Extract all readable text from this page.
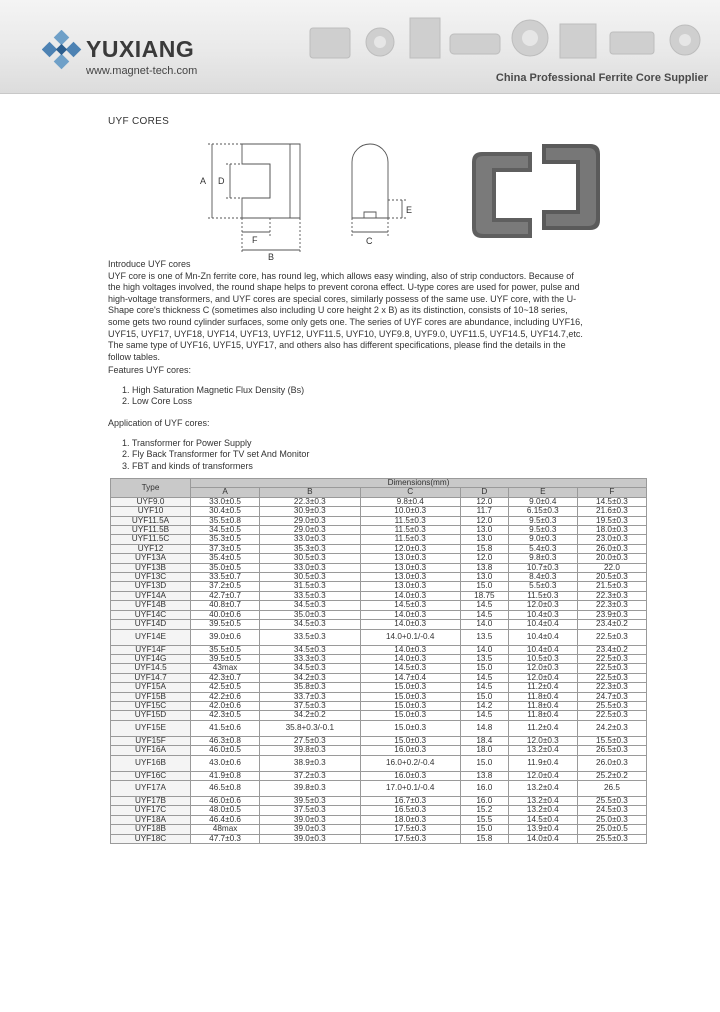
YUXIANG
www.magnet-tech.com
China Professional Ferrite Core Supplier
UYF CORES
A D
F
B
C
E
Introduce UYF cores
UYF core is one of Mn-Zn ferrite core, has round leg, which allows easy winding, also of strip conductors. Because of the high voltages involved, the round shape helps to prevent corona effect. U-type cores are used for power, pulse and high-voltage transformers, and UYF cores are special cores, similarly possess of the same use. UYF core, with the U-Shape core's thickness C (sometimes also including U core height 2 x B) as its distinction, consists of 10~18 series, some gets two round cylinder surfaces, some only gets one. The series of UYF cores are abundance, including UYF16, UYF15, UYF17, UYF18, UYF14, UYF13, UYF12, UYF11.5, UYF10, UYF9.8, UYF9.0, UYF11.5, UYF14.5, UYF14.7,etc. The same type of UYF16, UYF15, UYF17, and others also has different specifications, please find the details in the follow tables.
Features UYF cores:
1. High Saturation Magnetic Flux Density (Bs)
2. Low Core Loss
Application of UYF cores:
1. Transformer for Power Supply
2. Fly Back Transformer for TV set And Monitor
3. FBT and kinds of transformers
Type	Dimensions(mm)					
	A	B	C	D	E	F
UYF9.0	33.0±0.5	22.3±0.3	9.8±0.4	12.0	9.0±0.4	14.5±0.3
UYF10	30.4±0.5	30.9±0.3	10.0±0.3	11.7	6.15±0.3	21.6±0.3
UYF11.5A	35.5±0.8	29.0±0.3	11.5±0.3	12.0	9.5±0.3	19.5±0.3
UYF11.5B	34.5±0.5	29.0±0.3	11.5±0.3	13.0	9.5±0.3	18.0±0.3
UYF11.5C	35.3±0.5	33.0±0.3	11.5±0.3	13.0	9.0±0.3	23.0±0.3
UYF12	37.3±0.5	35.3±0.3	12.0±0.3	15.8	5.4±0.3	26.0±0.3
UYF13A	35.4±0.5	30.5±0.3	13.0±0.3	12.0	9.8±0.3	20.0±0.3
UYF13B	35.0±0.5	33.0±0.3	13.0±0.3	13.8	10.7±0.3	22.0
UYF13C	33.5±0.7	30.5±0.3	13.0±0.3	13.0	8.4±0.3	20.5±0.3
UYF13D	37.2±0.5	31.5±0.3	13.0±0.3	15.0	5.5±0.3	21.5±0.3
UYF14A	42.7±0.7	33.5±0.3	14.0±0.3	18.75	11.5±0.3	22.3±0.3
UYF14B	40.8±0.7	34.5±0.3	14.5±0.3	14.5	12.0±0.3	22.3±0.3
UYF14C	40.0±0.6	35.0±0.3	14.0±0.3	14.5	10.4±0.3	23.9±0.3
UYF14D	39.5±0.5	34.5±0.3	14.0±0.3	14.0	10.4±0.4	23.4±0.2
UYF14E	39.0±0.6	33.5±0.3	14.0+0.1/-0.4	13.5	10.4±0.4	22.5±0.3
UYF14F	35.5±0.5	34.5±0.3	14.0±0.3	14.0	10.4±0.4	23.4±0.2
UYF14G	39.5±0.5	33.3±0.3	14.0±0.3	13.5	10.5±0.3	22.5±0.3
UYF14.5	43max	34.5±0.3	14.5±0.3	15.0	12.0±0.3	22.5±0.3
UYF14.7	42.3±0.7	34.2±0.3	14.7±0.4	14.5	12.0±0.4	22.5±0.3
UYF15A	42.5±0.5	35.8±0.3	15.0±0.3	14.5	11.2±0.4	22.3±0.3
UYF15B	42.2±0.6	33.7±0.3	15.0±0.3	15.0	11.8±0.4	24.7±0.3
UYF15C	42.0±0.6	37.5±0.3	15.0±0.3	14.2	11.8±0.4	25.5±0.3
UYF15D	42.3±0.5	34.2±0.2	15.0±0.3	14.5	11.8±0.4	22.5±0.3
UYF15E	41.5±0.6	35.8+0.3/-0.1	15.0±0.3	14.8	11.2±0.4	24.2±0.3
UYF15F	46.3±0.8	27.5±0.3	15.0±0.3	18.4	12.0±0.3	15.5±0.3
UYF16A	46.0±0.5	39.8±0.3	16.0±0.3	18.0	13.2±0.4	26.5±0.3
UYF16B	43.0±0.6	38.9±0.3	16.0+0.2/-0.4	15.0	11.9±0.4	26.0±0.3
UYF16C	41.9±0.8	37.2±0.3	16.0±0.3	13.8	12.0±0.4	25.2±0.2
UYF17A	46.5±0.8	39.8±0.3	17.0+0.1/-0.4	16.0	13.2±0.4	26.5
UYF17B	46.0±0.6	39.5±0.3	16.7±0.3	16.0	13.2±0.4	25.5±0.3
UYF17C	48.0±0.5	37.5±0.3	16.5±0.3	15.2	13.2±0.4	24.5±0.3
UYF18A	46.4±0.6	39.0±0.3	18.0±0.3	15.5	14.5±0.4	25.0±0.3
UYF18B	48max	39.0±0.3	17.5±0.3	15.0	13.9±0.4	25.0±0.5
UYF18C	47.7±0.3	39.0±0.3	17.5±0.3	15.8	14.0±0.4	25.5±0.3
